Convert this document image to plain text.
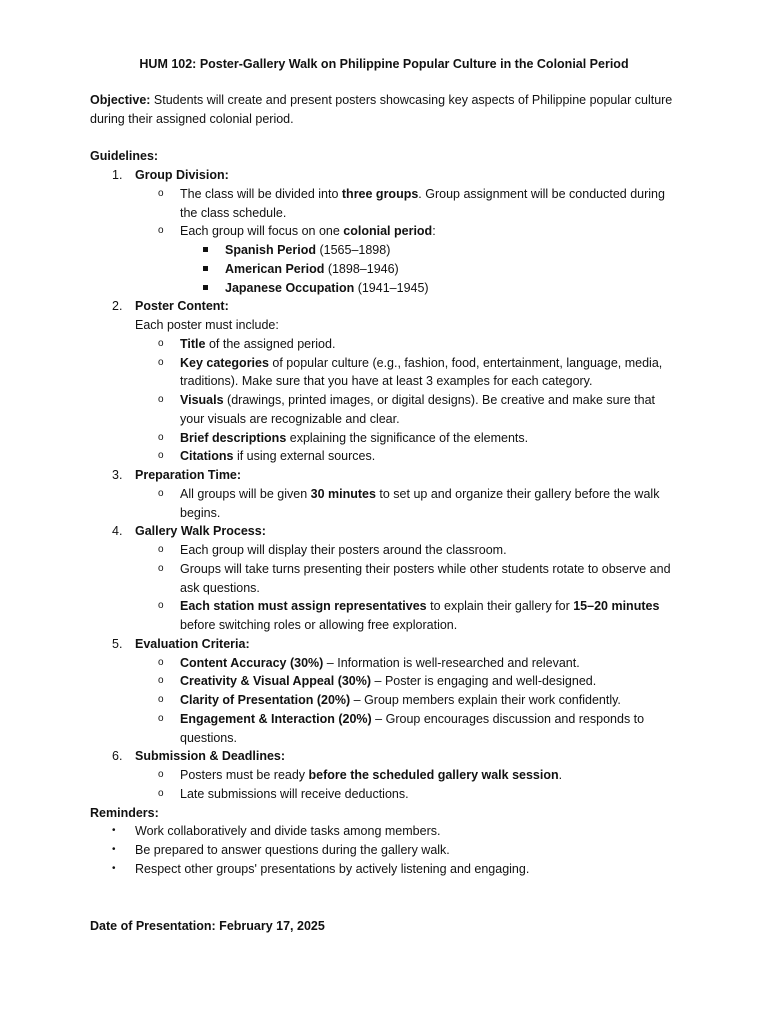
HUM 102: Poster-Gallery Walk on Philippine Popular Culture in the Colonial Period

Objective: Students will create and present posters showcasing key aspects of Philippine popular culture during their assigned colonial period.

Guidelines:

1. Group Division:
o The class will be divided into three groups. Group assignment will be conducted during the class schedule.
o Each group will focus on one colonial period:
Spanish Period (1565–1898)
American Period (1898–1946)
Japanese Occupation (1941–1945)
2. Poster Content:
Each poster must include:
o Title of the assigned period.
o Key categories of popular culture (e.g., fashion, food, entertainment, language, media, traditions). Make sure that you have at least 3 examples for each category.
o Visuals (drawings, printed images, or digital designs). Be creative and make sure that your visuals are recognizable and clear.
o Brief descriptions explaining the significance of the elements.
o Citations if using external sources.
3. Preparation Time:
o All groups will be given 30 minutes to set up and organize their gallery before the walk begins.
4. Gallery Walk Process:
o Each group will display their posters around the classroom.
o Groups will take turns presenting their posters while other students rotate to observe and ask questions.
o Each station must assign representatives to explain their gallery for 15–20 minutes before switching roles or allowing free exploration.
5. Evaluation Criteria:
o Content Accuracy (30%) – Information is well-researched and relevant.
o Creativity & Visual Appeal (30%) – Poster is engaging and well-designed.
o Clarity of Presentation (20%) – Group members explain their work confidently.
o Engagement & Interaction (20%) – Group encourages discussion and responds to questions.
6. Submission & Deadlines:
o Posters must be ready before the scheduled gallery walk session.
o Late submissions will receive deductions.

Reminders:

• Work collaboratively and divide tasks among members.
• Be prepared to answer questions during the gallery walk.
• Respect other groups' presentations by actively listening and engaging.
Date of Presentation: February 17, 2025
